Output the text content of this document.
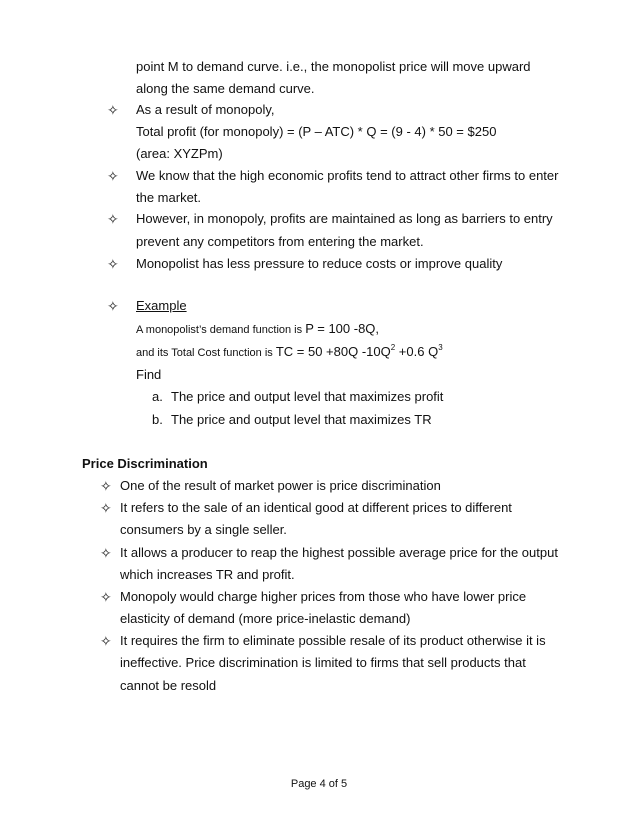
point M to demand curve. i.e., the monopolist price will move upward
along the same demand curve.
✧ As a result of monopoly,
Total profit (for monopoly) = (P – ATC) * Q = (9 - 4) * 50 = $250
(area: XYZPm)
✧ We know that the high economic profits tend to attract other firms to enter
the market.
✧ However, in monopoly, profits are maintained as long as barriers to entry
prevent any competitors from entering the market.
✧ Monopolist has less pressure to reduce costs or improve quality
✧ Example
A monopolist’s demand function is P = 100 -8Q,
and its Total Cost function is TC = 50 +80Q $-10Q^2 +0.6$ $Q^3$
Find
a. The price and output level that maximizes profit
b. The price and output level that maximizes TR
Price Discrimination
✧ One of the result of market power is price discrimination
✧ It refers to the sale of an identical good at different prices to different
consumers by a single seller.
✧ It allows a producer to reap the highest possible average price for the output
which increases TR and profit.
✧ Monopoly would charge higher prices from those who have lower price
elasticity of demand (more price-inelastic demand)
✧ It requires the firm to eliminate possible resale of its product otherwise it is
ineffective. Price discrimination is limited to firms that sell products that
cannot be resold
Page 4 of 5
